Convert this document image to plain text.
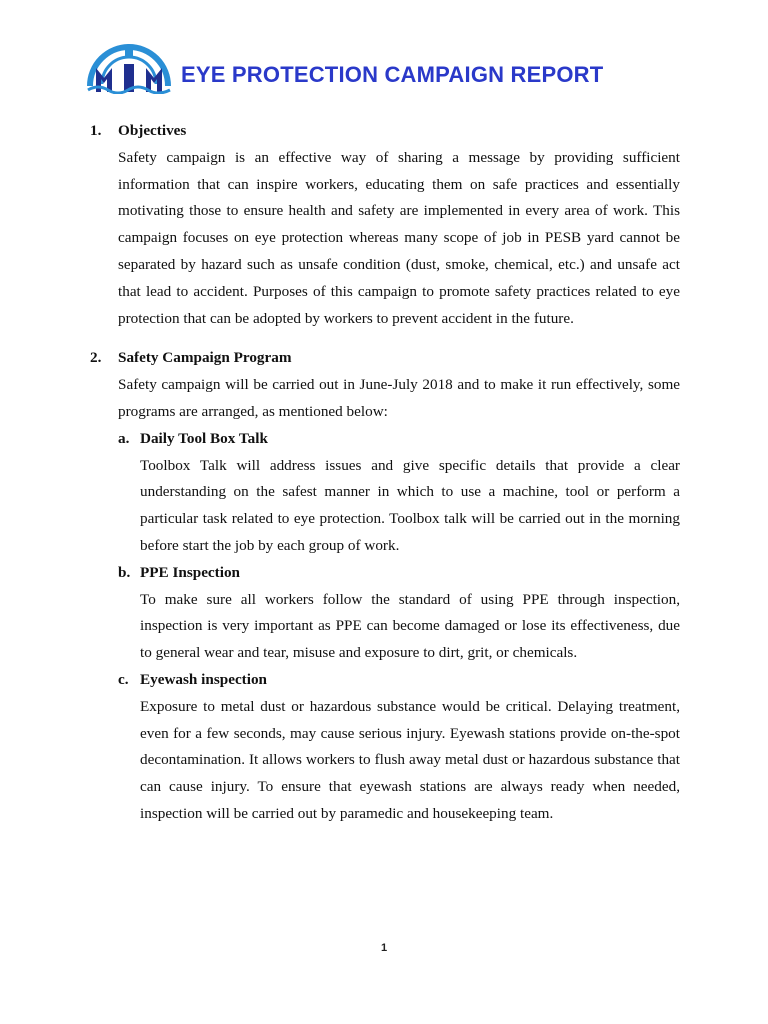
EYE PROTECTION CAMPAIGN REPORT
1.	Objectives
Safety campaign is an effective way of sharing a message by providing sufficient information that can inspire workers, educating them on safe practices and essentially motivating those to ensure health and safety are implemented in every area of work. This campaign focuses on eye protection whereas many scope of job in PESB yard cannot be separated by hazard such as unsafe condition (dust, smoke, chemical, etc.) and unsafe act that lead to accident. Purposes of this campaign to promote safety practices related to eye protection that can be adopted by workers to prevent accident in the future.
2.	Safety Campaign Program
Safety campaign will be carried out in June-July 2018 and to make it run effectively, some programs are arranged, as mentioned below:
a. Daily Tool Box Talk
Toolbox Talk will address issues and give specific details that provide a clear understanding on the safest manner in which to use a machine, tool or perform a particular task related to eye protection. Toolbox talk will be carried out in the morning before start the job by each group of work.
b. PPE Inspection
To make sure all workers follow the standard of using PPE through inspection, inspection is very important as PPE can become damaged or lose its effectiveness, due to general wear and tear, misuse and exposure to dirt, grit, or chemicals.
c. Eyewash inspection
Exposure to metal dust or hazardous substance would be critical. Delaying treatment, even for a few seconds, may cause serious injury. Eyewash stations provide on-the-spot decontamination. It allows workers to flush away metal dust or hazardous substance that can cause injury. To ensure that eyewash stations are always ready when needed, inspection will be carried out by paramedic and housekeeping team.
1
